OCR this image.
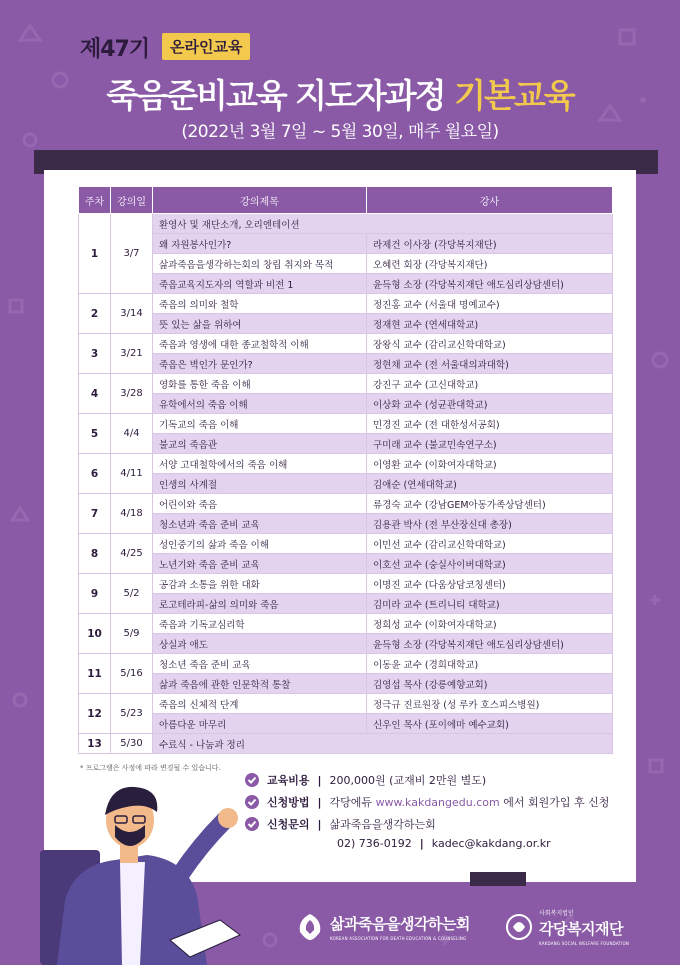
제47기	온라인교육
죽음준비교육 지도자과정 기본교육
(2022년 3월 7일 ~ 5월 30일, 매주 월요일)
주차	강의일	강의제목	강사
1	3/7	환영사 및 재단소개, 오리엔테이션	
		왜 자원봉사인가?	라제건 이사장 (각당복지재단)
		삶과죽음을생각하는회의 창립 취지와 목적	오혜련 회장 (각당복지재단)
		죽음교육지도자의 역할과 비전 1	윤득형 소장 (각당복지재단 애도심리상담센터)
2	3/14	죽음의 의미와 철학	정진홍 교수 (서울대 명예교수)
		뜻 있는 삶을 위하여	정재현 교수 (연세대학교)
3	3/21	죽음과 영생에 대한 종교철학적 이해	장왕식 교수 (감리교신학대학교)
		죽음은 벽인가 문인가?	정현채 교수 (전 서울대의과대학)
4	3/28	영화를 통한 죽음 이해	강진구 교수 (고신대학교)
		유학에서의 죽음 이해	이상화 교수 (성균관대학교)
5	4/4	기독교의 죽음 이해	민경진 교수 (전 대한성서공회)
		불교의 죽음관	구미래 교수 (불교민속연구소)
6	4/11	서양 고대철학에서의 죽음 이해	이영환 교수 (이화여자대학교)
		인생의 사계절	김애순 (연세대학교)
7	4/18	어린이와 죽음	류경숙 교수 (강남GEM아동가족상담센터)
		청소년과 죽음 준비 교육	김용관 박사 (전 부산장신대 총장)
8	4/25	성인중기의 삶과 죽음 이해	이민선 교수 (감리교신학대학교)
		노년기와 죽음 준비 교육	이호선 교수 (숭실사이버대학교)
9	5/2	공감과 소통을 위한 대화	이명진 교수 (다움상담코칭센터)
		로고테라피-삶의 의미와 죽음	김미라 교수 (트리니티 대학교)
10	5/9	죽음과 기독교심리학	정희성 교수 (이화여자대학교)
		상실과 애도	윤득형 소장 (각당복지재단 애도심리상담센터)
11	5/16	청소년 죽음 준비 교육	이동윤 교수 (경희대학교)
		삶과 죽음에 관한 인문학적 통찰	김영섭 목사 (강릉예향교회)
12	5/23	죽음의 신체적 단계	정극규 진료원장 (성 루카 호스피스병원)
		아름다운 마무리	신우인 목사 (포이에마 예수교회)
13	5/30	수료식 - 나눔과 정리	
* 프로그램은 사정에 따라 변경될 수 있습니다.
교육비용 | 200,000원 (교재비 2만원 별도)
신청방법 | 각당에듀
www.kakdangedu.com
에서 회원가입 후 신청
신청문의 | 삶과죽음을생각하는회
02) 736-0192 | kadec@kakdang.or.kr
삶과죽음을생각하는회
KOREAN ASSOCIATION FOR DEATH EDUCATION & COUNSELING
사회복지법인
각당복지재단
KAKDANG SOCIAL WELFARE FOUNDATION
